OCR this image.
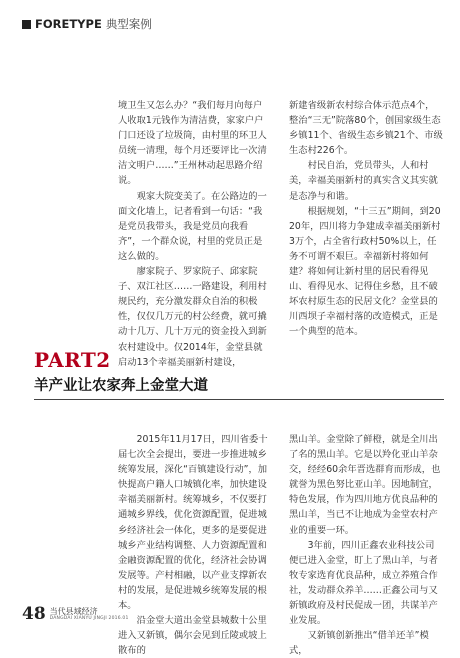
FORETYPE 典型案例

境卫生又怎么办？“我们每月向每户人收取1元钱作为清洁费，家家户户门口还设了垃圾筒，由村里的环卫人员统一清理，每个月还要评比一次清洁文明户……”王州林动起思路介绍说。

观家大院变美了。在公路边的一面文化墙上，记者看到一句话：“我是党员我带头，我是党员向我看齐”，一个群众说，村里的党员正是这么做的。

廖家院子、罗家院子、邱家院子、双江社区……一路建设，利用村规民约，充分激发群众自治的积极性，仅仅几万元的村公经费，就可撬动十几万、几十万元的资金投入到新农村建设中。仅2014年，金堂县就启动13个幸福美丽新村建设，

新建省级新农村综合体示范点4个，整治“三无”院落80个，创国家级生态乡镇11个、省级生态乡镇21个、市级生态村226个。

村民自治，党员带头，人和村美，幸福美丽新村的真实含义其实就是态净与和谐。

根据规划，“十三五”期间，到2020年，四川将力争建成幸福美丽新村3万个，占全省行政村50%以上，任务不可谓不艰巨。幸福新村将如何建？将如何让新村里的居民看得见山、看得见水、记得住乡愁，且不破坏农村原生态的民居文化？金堂县的川西坝子幸福村落的改造模式，正是一个典型的范本。

PART2
羊产业让农家奔上金堂大道

2015年11月17日，四川省委十届七次全会提出，要进一步推进城乡统筹发展，深化“百镇建设行动”，加快提高户籍人口城镇化率，加快建设幸福美丽新村。统筹城乡，不仅要打通城乡界线，优化资源配置，促进城乡经济社会一体化，更多的是要促进城乡产业结构调整、人力资源配置和金融资源配置的优化，经济社会协调发展等。产村相融，以产业支撑新农村的发展，是促进城乡统筹发展的根本。

沿金堂大道出金堂县城数十公里进入又新镇，偶尔会见到丘陵或坡上散布的

黑山羊。金堂除了鲜橙，就是全川出了名的黑山羊。它是以羚化亚山羊杂交，经经60余年晋选群育而形成，也就誉为黑色努比亚山羊。因地制宜，特色发展，作为四川地方优良品种的黑山羊，当已不让地成为金堂农村产业的重要一环。

3年前，四川正鑫农业科技公司便已进入金堂，盯上了黑山羊，与者牧专家选育优良品种，成立养殖合作社，发动群众养羊……正鑫公司与又新镇政府及村民促成一团，共谋羊产业发展。

又新镇创新推出“借羊还羊”模式，

48 当代县域经济
DANGDAI XIANYU JINGJI 2016.01
